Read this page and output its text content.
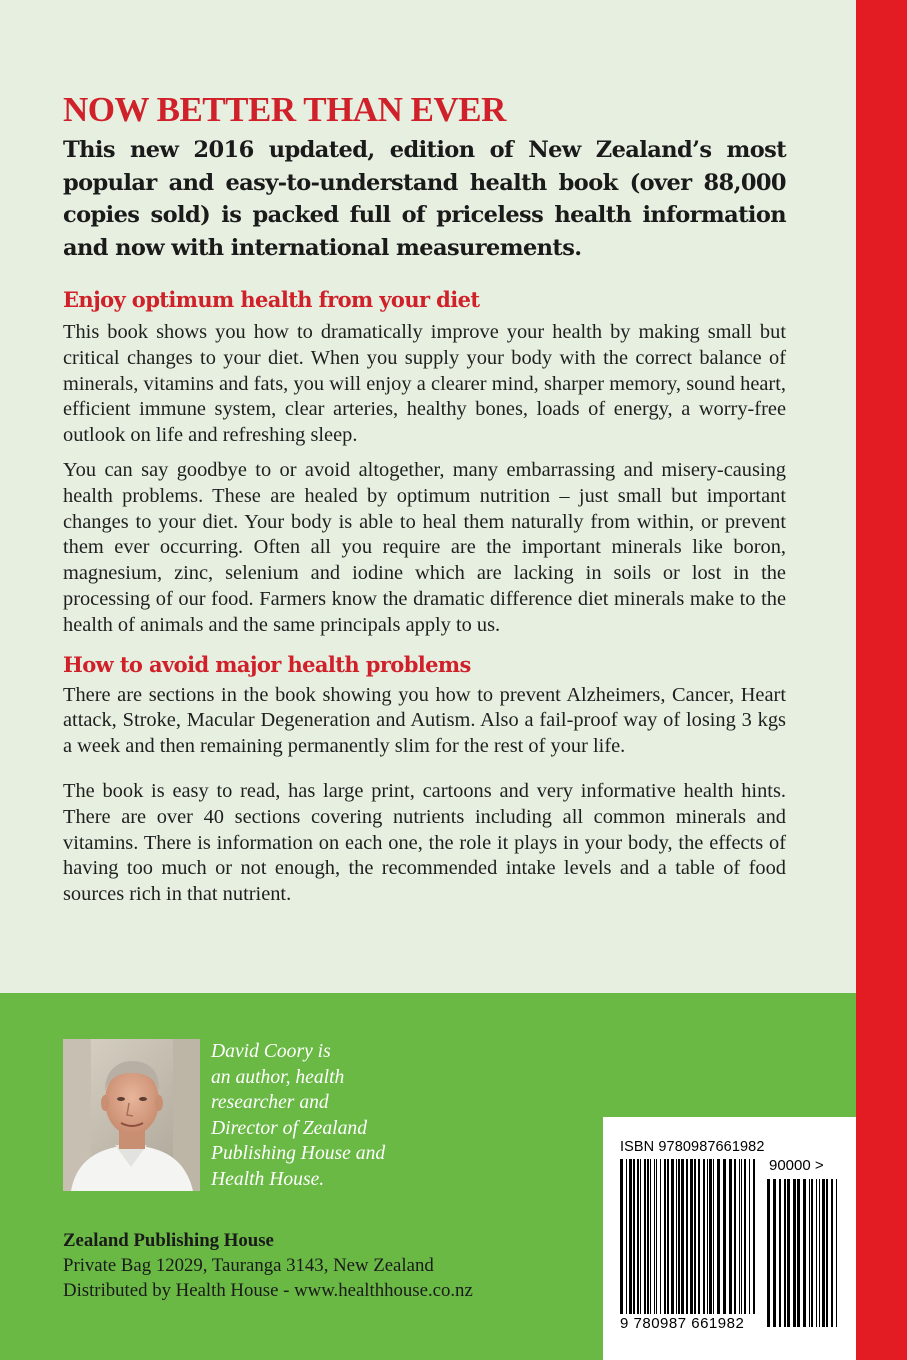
NOW BETTER THAN EVER

This new 2016 updated, edition of New Zealand’s most popular and easy-to-understand health book (over 88,000 copies sold) is packed full of priceless health information and now with international measurements.

Enjoy optimum health from your diet

This book shows you how to dramatically improve your health by making small but critical changes to your diet. When you supply your body with the correct balance of minerals, vitamins and fats, you will enjoy a clearer mind, sharper memory, sound heart, efficient immune system, clear arteries, healthy bones, loads of energy, a worry-free outlook on life and refreshing sleep.

You can say goodbye to or avoid altogether, many embarrassing and misery-causing health problems. These are healed by optimum nutrition – just small but important changes to your diet. Your body is able to heal them naturally from within, or prevent them ever occurring. Often all you require are the important minerals like boron, magnesium, zinc, selenium and iodine which are lacking in soils or lost in the processing of our food. Farmers know the dramatic difference diet minerals make to the health of animals and the same principals apply to us.

How to avoid major health problems

There are sections in the book showing you how to prevent Alzheimers, Cancer, Heart attack, Stroke, Macular Degeneration and Autism. Also a fail-proof way of losing 3 kgs a week and then remaining permanently slim for the rest of your life.

The book is easy to read, has large print, cartoons and very informative health hints. There are over 40 sections covering nutrients including all common minerals and vitamins. There is information on each one, the role it plays in your body, the effects of having too much or not enough, the recommended intake levels and a table of food sources rich in that nutrient.

David Coory is
an author, health
researcher and
Director of Zealand
Publishing House and
Health House.
Zealand Publishing House
Private Bag 12029, Tauranga 3143, New Zealand
Distributed by Health House - www.healthhouse.co.nz
ISBN 9780987661982
90000 >
9 780987 661982
